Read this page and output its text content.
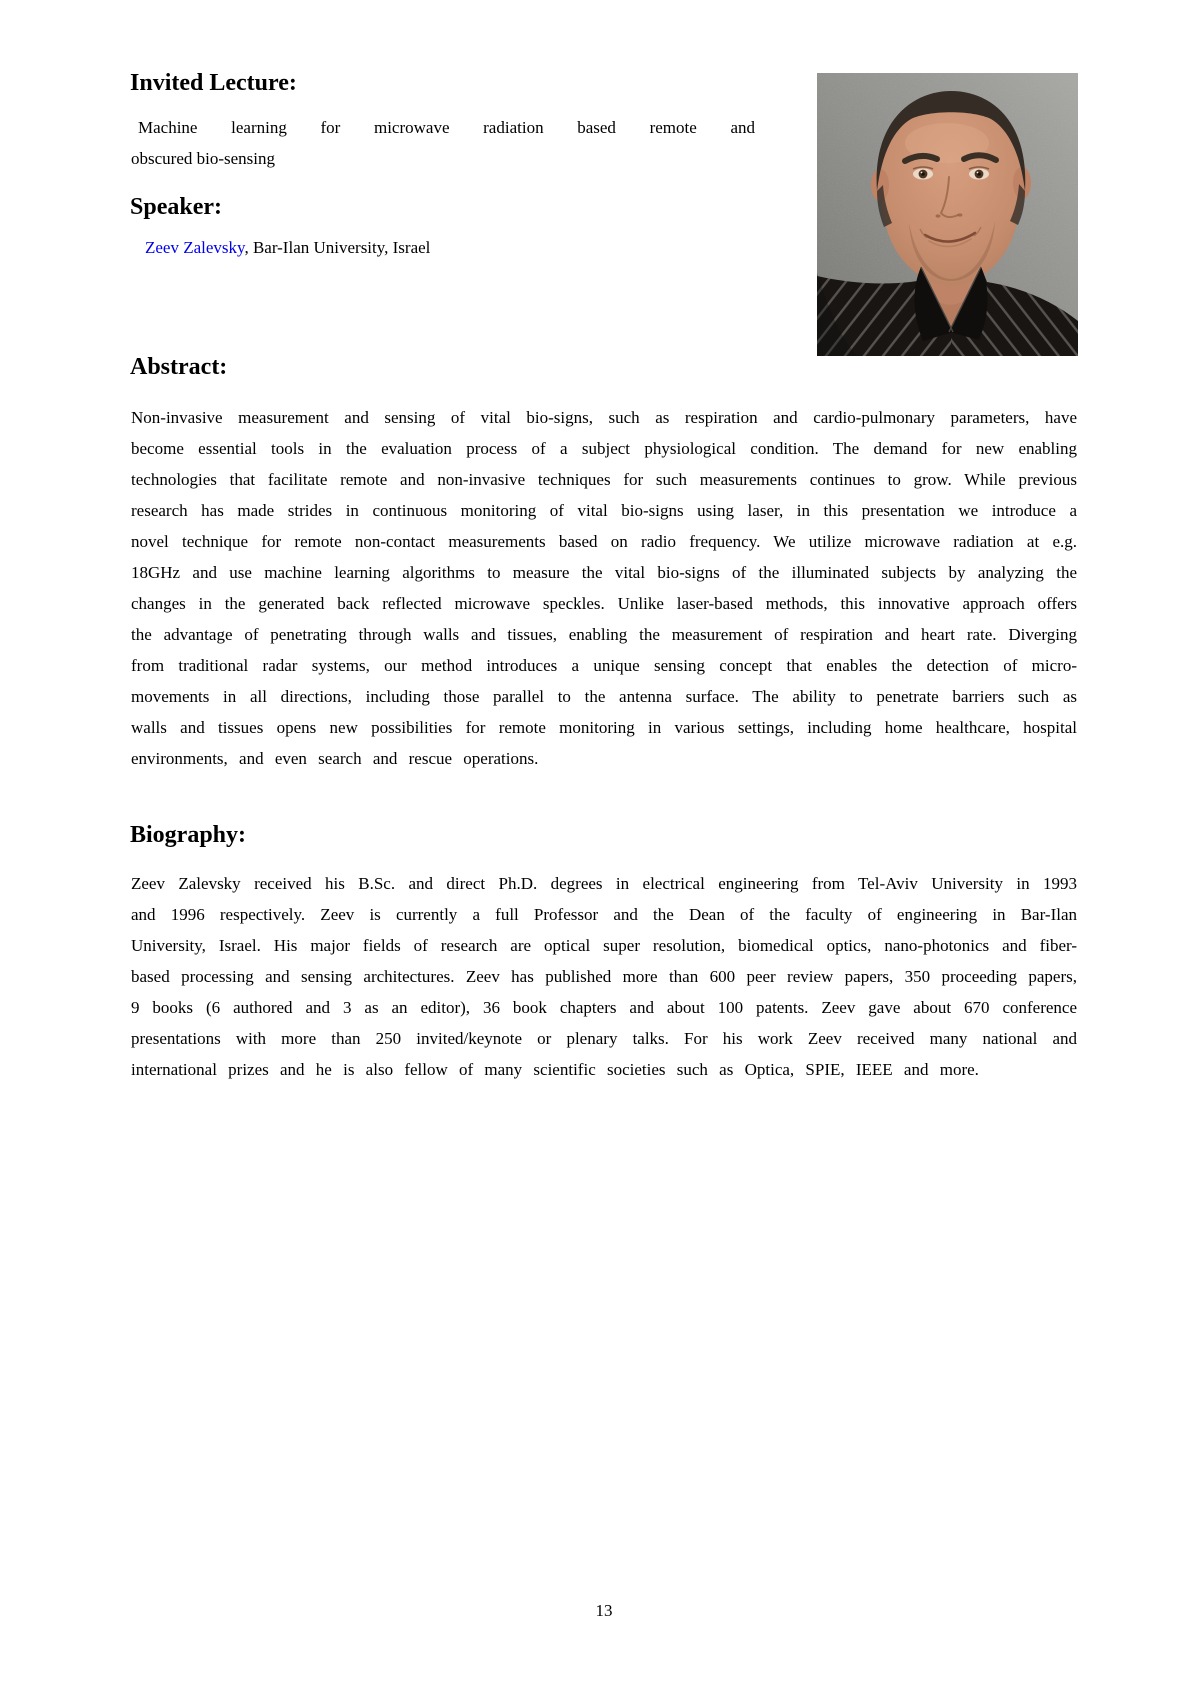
Invited Lecture:
Machine learning for microwave radiation based remote and
obscured bio-sensing
Speaker:
Zeev Zalevsky, Bar-Ilan University, Israel
Abstract:
Non-invasive measurement and sensing of vital bio-signs, such as respiration and cardio-pulmonary parameters, have become essential tools in the evaluation process of a subject physiological condition. The demand for new enabling technologies that facilitate remote and non-invasive techniques for such measurements continues to grow. While previous research has made strides in continuous monitoring of vital bio-signs using laser, in this presentation we introduce a novel technique for remote non-contact measurements based on radio frequency. We utilize microwave radiation at e.g. 18GHz and use machine learning algorithms to measure the vital bio-signs of the illuminated subjects by analyzing the changes in the generated back reflected microwave speckles. Unlike laser-based methods, this innovative approach offers the advantage of penetrating through walls and tissues, enabling the measurement of respiration and heart rate. Diverging from traditional radar systems, our method introduces a unique sensing concept that enables the detection of micro-movements in all directions, including those parallel to the antenna surface. The ability to penetrate barriers such as walls and tissues opens new possibilities for remote monitoring in various settings, including home healthcare, hospital environments, and even search and rescue operations.
Biography:
Zeev Zalevsky received his B.Sc. and direct Ph.D. degrees in electrical engineering from Tel-Aviv University in 1993 and 1996 respectively. Zeev is currently a full Professor and the Dean of the faculty of engineering in Bar-Ilan University, Israel. His major fields of research are optical super resolution, biomedical optics, nano-photonics and fiber-based processing and sensing architectures. Zeev has published more than 600 peer review papers, 350 proceeding papers, 9 books (6 authored and 3 as an editor), 36 book chapters and about 100 patents. Zeev gave about 670 conference presentations with more than 250 invited/keynote or plenary talks. For his work Zeev received many national and international prizes and he is also fellow of many scientific societies such as Optica, SPIE, IEEE and more.
13
